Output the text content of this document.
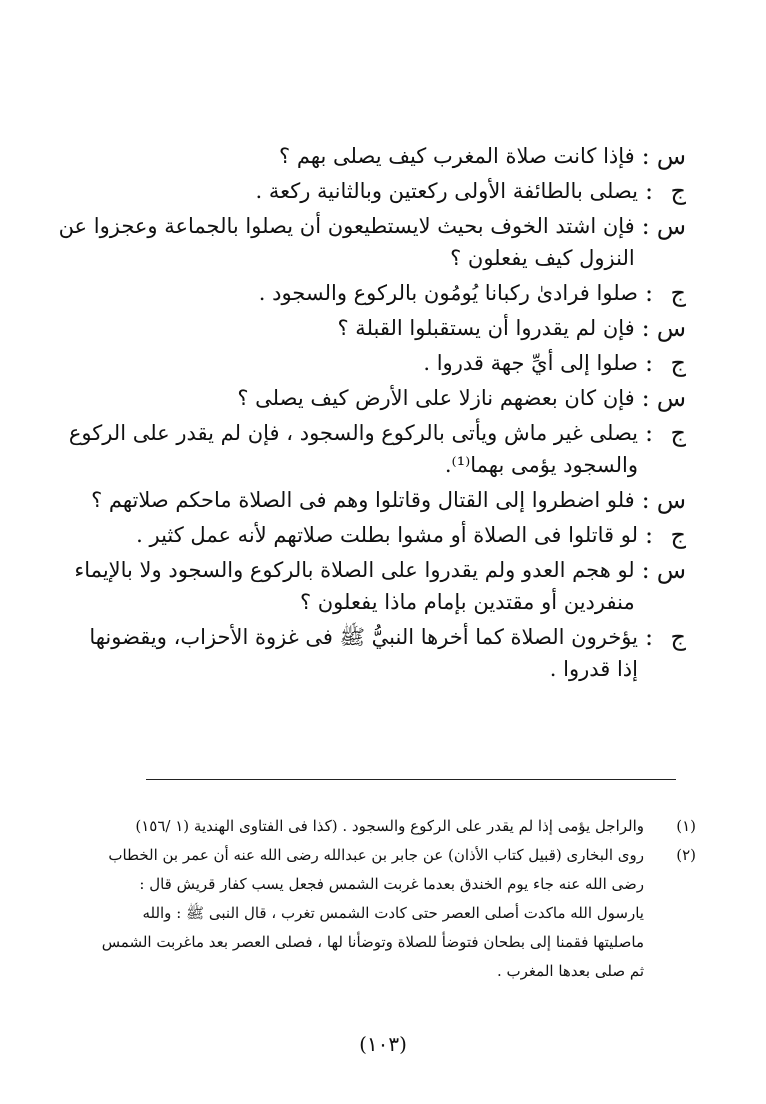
س
:
فإذا كانت صلاة المغرب كيف يصلى بهم ؟
ج
:
يصلى بالطائفة الأولى ركعتين وبالثانية ركعة .
س
:
فإن اشتد الخوف بحيث لايستطيعون أن يصلوا بالجماعة وعجزوا عن
النزول كيف يفعلون ؟
ج
:
صلوا فرادىٰ ركبانا يُومُون بالركوع والسجود .
س
:
فإن لم يقدروا أن يستقبلوا القبلة ؟
ج
:
صلوا إلى أيِّ جهة قدروا .
س
:
فإن كان بعضهم نازلا على الأرض كيف يصلى ؟
ج
:
يصلى غير ماش ويأتى بالركوع والسجود ، فإن لم يقدر على الركوع
والسجود يؤمى بهما⁽¹⁾.
س
:
فلو اضطروا إلى القتال وقاتلوا وهم فى الصلاة ماحكم صلاتهم ؟
ج
:
لو قاتلوا فى الصلاة أو مشوا بطلت صلاتهم لأنه عمل كثير .
س
:
لو هجم العدو ولم يقدروا على الصلاة بالركوع والسجود ولا بالإيماء
منفردين أو مقتدين بإمام ماذا يفعلون ؟
ج
:
يؤخرون الصلاة كما أخرها النبيُّ ﷺ فى غزوة الأحزاب، ويقضونها
إذا قدروا .
(١)
والراجل يؤمى إذا لم يقدر على الركوع والسجود . (كذا فى الفتاوى الهندية (١ /١٥٦)
(٢)
روى البخارى (قبيل كتاب الأذان) عن جابر بن عبدالله رضى الله عنه أن عمر بن الخطاب
رضى الله عنه جاء يوم الخندق بعدما غربت الشمس فجعل يسب كفار قريش قال :
يارسول الله ماكدت أصلى العصر حتى كادت الشمس تغرب ، قال النبى ﷺ : والله
ماصليتها فقمنا إلى بطحان فتوضأ للصلاة وتوضأنا لها ، فصلى العصر بعد ماغربت الشمس
ثم صلى بعدها المغرب .
(١٠٣)
